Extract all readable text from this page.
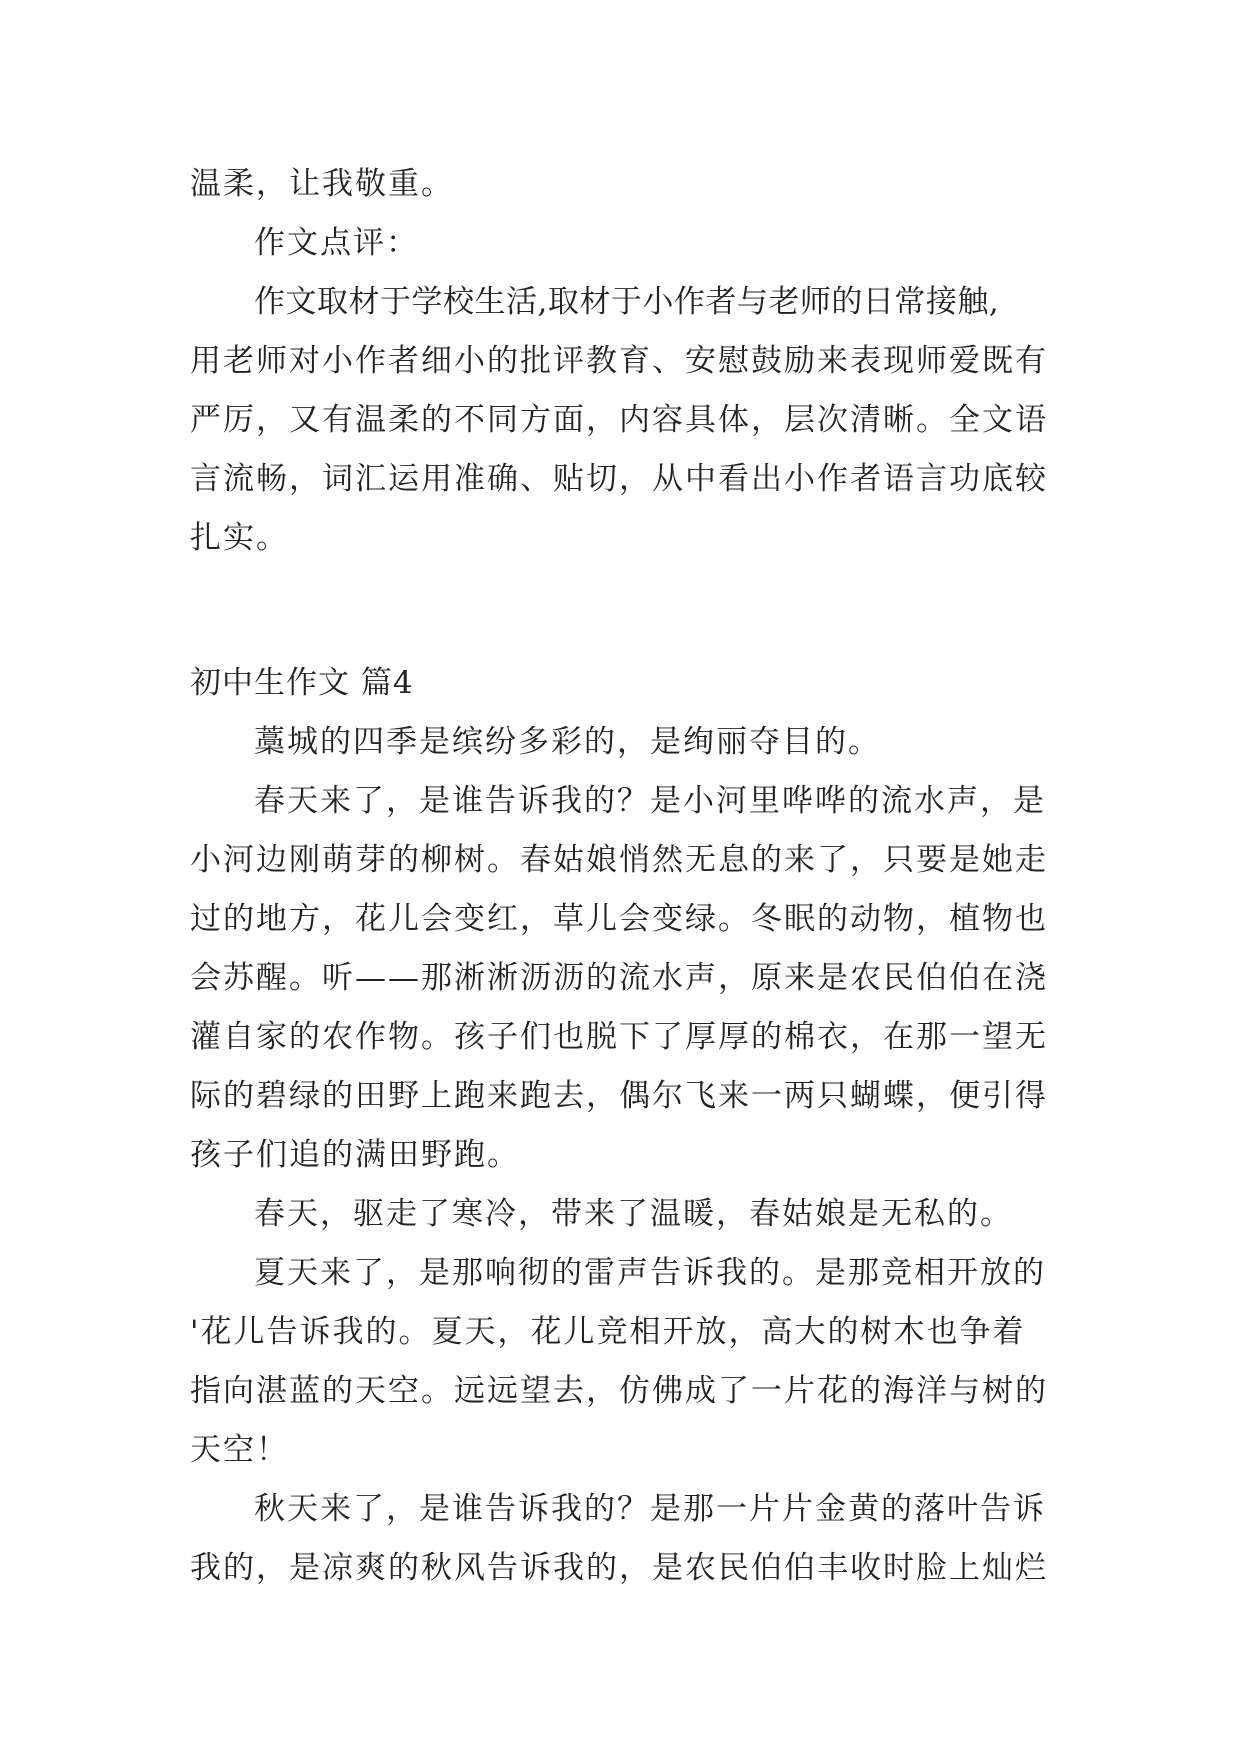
温柔，让我敬重。
作文点评：
作文取材于学校生活,取材于小作者与老师的日常接触,
用老师对小作者细小的批评教育、安慰鼓励来表现师爱既有
严厉，又有温柔的不同方面，内容具体，层次清晰。全文语
言流畅，词汇运用准确、贴切，从中看出小作者语言功底较
扎实。
初中生作文 篇4
藁城的四季是缤纷多彩的，是绚丽夺目的。
春天来了，是谁告诉我的？是小河里哗哗的流水声，是
小河边刚萌芽的柳树。春姑娘悄然无息的来了，只要是她走
过的地方，花儿会变红，草儿会变绿。冬眠的动物，植物也
会苏醒。听——那淅淅沥沥的流水声，原来是农民伯伯在浇
灌自家的农作物。孩子们也脱下了厚厚的棉衣，在那一望无
际的碧绿的田野上跑来跑去，偶尔飞来一两只蝴蝶，便引得
孩子们追的满田野跑。
春天，驱走了寒冷，带来了温暖，春姑娘是无私的。
夏天来了，是那响彻的雷声告诉我的。是那竞相开放的
'花儿告诉我的。夏天，花儿竞相开放，高大的树木也争着
指向湛蓝的天空。远远望去，仿佛成了一片花的海洋与树的
天空！
秋天来了，是谁告诉我的？是那一片片金黄的落叶告诉
我的，是凉爽的秋风告诉我的，是农民伯伯丰收时脸上灿烂
